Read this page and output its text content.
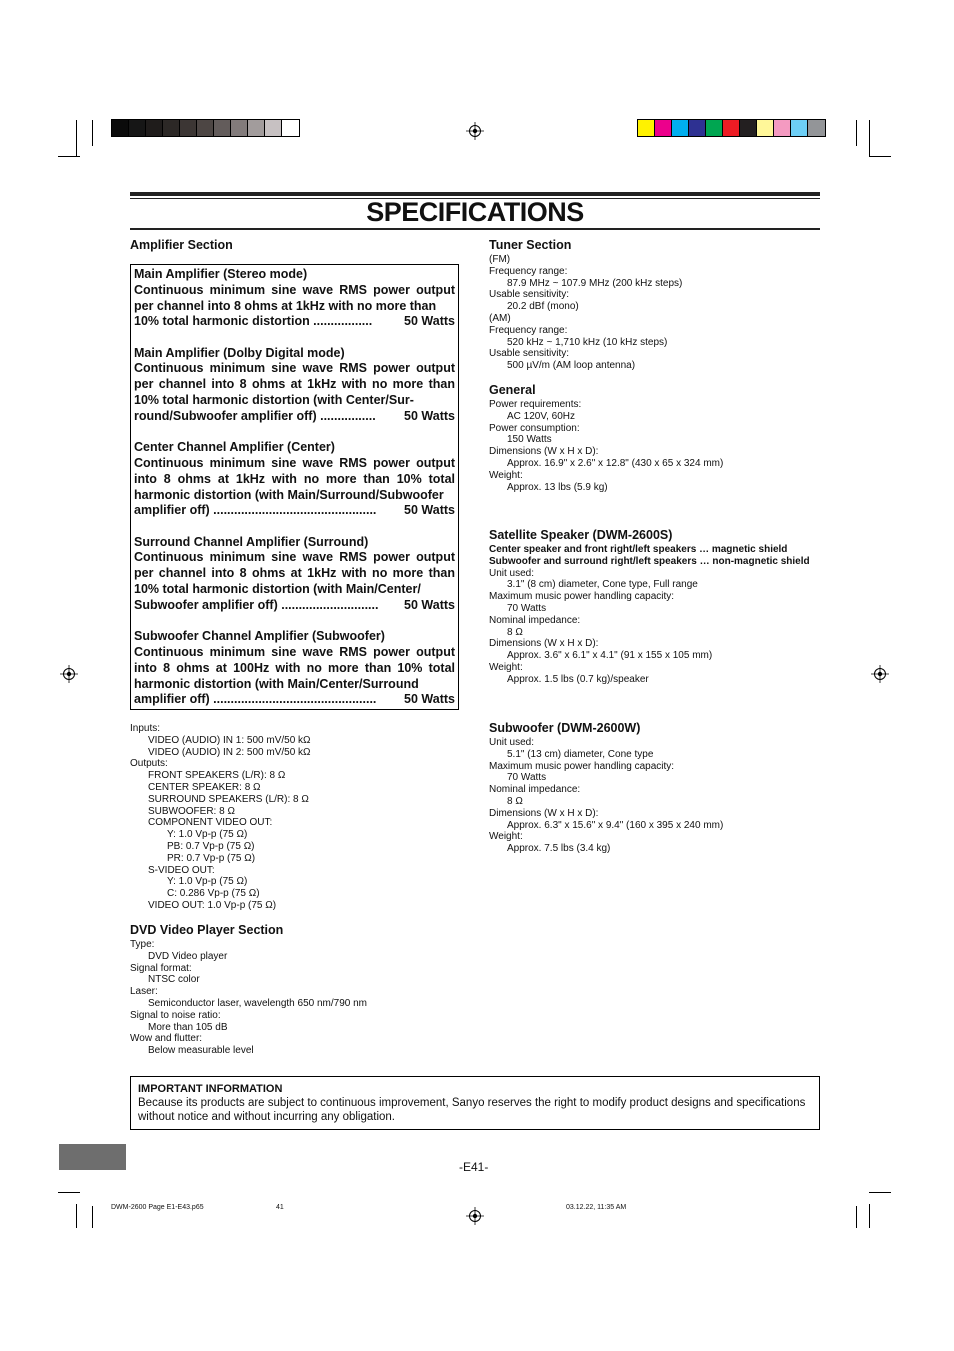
SPECIFICATIONS
Amplifier Section
Main Amplifier (Stereo mode)
Continuous minimum sine wave RMS power output per channel into 8 ohms at 1kHz with no more than
10% total harmonic distortion .................	50 Watts
Main Amplifier (Dolby Digital mode)
Continuous minimum sine wave RMS power output per channel into 8 ohms at 1kHz with no more than 10% total harmonic distortion (with Center/Sur-
round/Subwoofer amplifier off) ................ 50 Watts
Center Channel Amplifier (Center)
Continuous minimum sine wave RMS power output into 8 ohms at 1kHz with no more than 10% total harmonic distortion (with Main/Surround/Subwoofer
amplifier off) ............................................... 50 Watts
Surround Channel Amplifier (Surround)
Continuous minimum sine wave RMS power output per channel into 8 ohms at 1kHz with no more than 10% total harmonic distortion (with Main/Center/
Subwoofer amplifier off) ............................ 50 Watts
Subwoofer Channel Amplifier (Subwoofer)
Continuous minimum sine wave RMS power output into 8 ohms at 100Hz with no more than 10% total harmonic distortion (with Main/Center/Surround
amplifier off) ............................................... 50 Watts
Inputs:
VIDEO (AUDIO) IN 1: 500 mV/50 kΩ
VIDEO (AUDIO) IN 2: 500 mV/50 kΩ
Outputs:
FRONT SPEAKERS (L/R): 8 Ω
CENTER SPEAKER: 8 Ω
SURROUND SPEAKERS (L/R): 8 Ω
SUBWOOFER: 8 Ω
COMPONENT VIDEO OUT:
Y: 1.0 Vp-p (75 Ω)
PB: 0.7 Vp-p (75 Ω)
PR: 0.7 Vp-p (75 Ω)
S-VIDEO OUT:
Y: 1.0 Vp-p (75 Ω)
C: 0.286 Vp-p (75 Ω)
VIDEO OUT: 1.0 Vp-p (75 Ω)
DVD Video Player Section
Type:
DVD Video player
Signal format:
NTSC color
Laser:
Semiconductor laser, wavelength 650 nm/790 nm
Signal to noise ratio:
More than 105 dB
Wow and flutter:
Below measurable level
Tuner Section
(FM)
Frequency range:
87.9 MHz ~ 107.9 MHz (200 kHz steps)
Usable sensitivity:
20.2 dBf (mono)
(AM)
Frequency range:
520 kHz ~ 1,710 kHz (10 kHz steps)
Usable sensitivity:
500 µV/m (AM loop antenna)
General
Power requirements:
AC 120V, 60Hz
Power consumption:
150 Watts
Dimensions (W x H x D):
Approx. 16.9" x 2.6" x 12.8" (430 x 65 x 324 mm)
Weight:
Approx. 13 lbs (5.9 kg)
Satellite Speaker (DWM-2600S)
Center speaker and front right/left speakers … magnetic shield
Subwoofer and surround right/left speakers … non-magnetic shield
Unit used:
3.1" (8 cm) diameter, Cone type, Full range
Maximum music power handling capacity:
70 Watts
Nominal impedance:
8 Ω
Dimensions (W x H x D):
Approx. 3.6" x 6.1" x 4.1" (91 x 155 x 105 mm)
Weight:
Approx. 1.5 lbs (0.7 kg)/speaker
Subwoofer (DWM-2600W)
Unit used:
5.1" (13 cm) diameter, Cone type
Maximum music power handling capacity:
70 Watts
Nominal impedance:
8 Ω
Dimensions (W x H x D):
Approx. 6.3" x 15.6" x 9.4" (160 x 395 x 240 mm)
Weight:
Approx. 7.5 lbs (3.4 kg)
IMPORTANT INFORMATION
Because its products are subject to continuous improvement, Sanyo reserves the right to modify product designs and specifications without notice and without incurring any obligation.
-E41-
DWM-2600 Page E1-E43.p65	41	03.12.22, 11:35 AM
